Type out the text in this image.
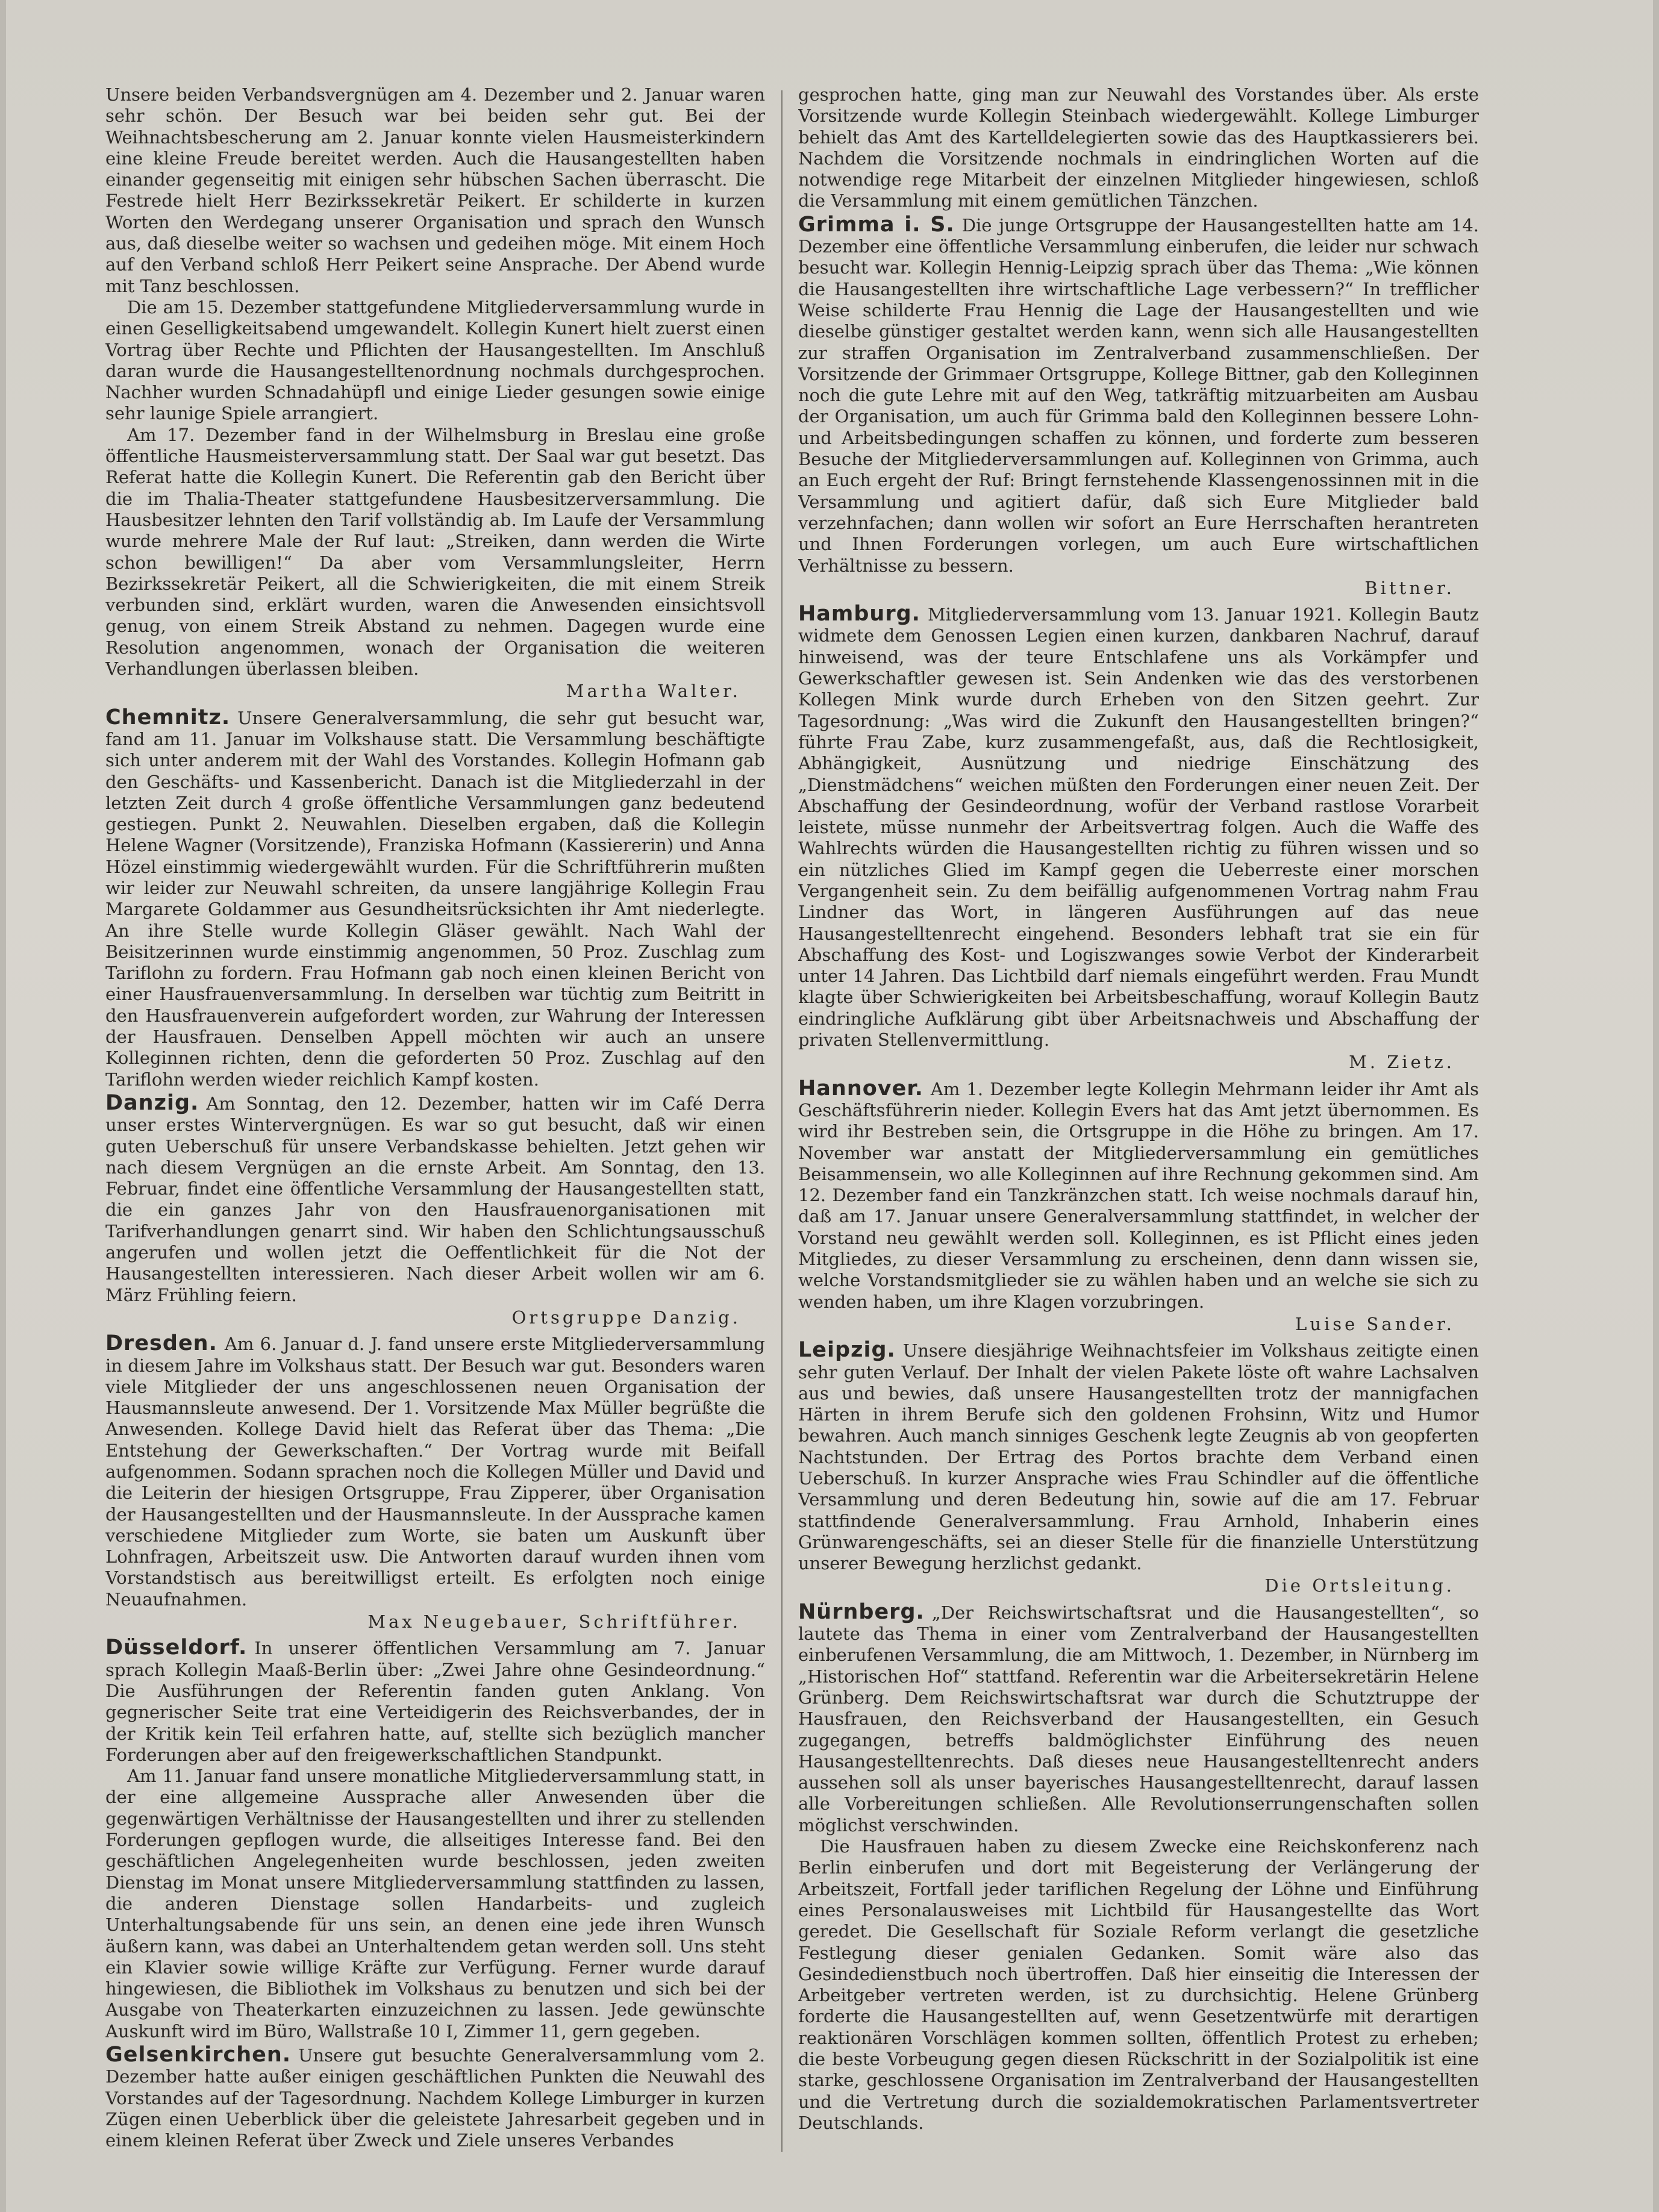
Unsere beiden Verbandsvergnügen am 4. Dezember und 2. Januar waren sehr schön. Der Besuch war bei beiden sehr gut. Bei der Weihnachtsbescherung am 2. Januar konnte vielen Hausmeisterkindern eine kleine Freude bereitet werden. Auch die Hausangestellten haben einander gegenseitig mit einigen sehr hübschen Sachen überrascht. Die Festrede hielt Herr Bezirkssekretär Peikert. Er schilderte in kurzen Worten den Werdegang unserer Organisation und sprach den Wunsch aus, daß dieselbe weiter so wachsen und gedeihen möge. Mit einem Hoch auf den Verband schloß Herr Peikert seine Ansprache. Der Abend wurde mit Tanz beschlossen.

Die am 15. Dezember stattgefundene Mitgliederversammlung wurde in einen Geselligkeitsabend umgewandelt. Kollegin Kunert hielt zuerst einen Vortrag über Rechte und Pflichten der Hausangestellten. Im Anschluß daran wurde die Hausangestelltenordnung nochmals durchgesprochen. Nachher wurden Schnadahüpfl und einige Lieder gesungen sowie einige sehr launige Spiele arrangiert.

Am 17. Dezember fand in der Wilhelmsburg in Breslau eine große öffentliche Hausmeisterversammlung statt. Der Saal war gut besetzt. Das Referat hatte die Kollegin Kunert. Die Referentin gab den Bericht über die im Thalia-Theater stattgefundene Hausbesitzerversammlung. Die Hausbesitzer lehnten den Tarif vollständig ab. Im Laufe der Versammlung wurde mehrere Male der Ruf laut: „Streiken, dann werden die Wirte schon bewilligen!“ Da aber vom Versammlungsleiter, Herrn Bezirkssekretär Peikert, all die Schwierigkeiten, die mit einem Streik verbunden sind, erklärt wurden, waren die Anwesenden einsichtsvoll genug, von einem Streik Abstand zu nehmen. Dagegen wurde eine Resolution angenommen, wonach der Organisation die weiteren Verhandlungen überlassen bleiben.

Martha Walter.

Chemnitz. Unsere Generalversammlung, die sehr gut besucht war, fand am 11. Januar im Volkshause statt. Die Versammlung beschäftigte sich unter anderem mit der Wahl des Vorstandes. Kollegin Hofmann gab den Geschäfts- und Kassenbericht. Danach ist die Mitgliederzahl in der letzten Zeit durch 4 große öffentliche Versammlungen ganz bedeutend gestiegen. Punkt 2. Neuwahlen. Dieselben ergaben, daß die Kollegin Helene Wagner (Vorsitzende), Franziska Hofmann (Kassiererin) und Anna Hözel einstimmig wiedergewählt wurden. Für die Schriftführerin mußten wir leider zur Neuwahl schreiten, da unsere langjährige Kollegin Frau Margarete Goldammer aus Gesundheitsrücksichten ihr Amt niederlegte. An ihre Stelle wurde Kollegin Gläser gewählt. Nach Wahl der Beisitzerinnen wurde einstimmig angenommen, 50 Proz. Zuschlag zum Tariflohn zu fordern. Frau Hofmann gab noch einen kleinen Bericht von einer Hausfrauenversammlung. In derselben war tüchtig zum Beitritt in den Hausfrauenverein aufgefordert worden, zur Wahrung der Interessen der Hausfrauen. Denselben Appell möchten wir auch an unsere Kolleginnen richten, denn die geforderten 50 Proz. Zuschlag auf den Tariflohn werden wieder reichlich Kampf kosten.

Danzig. Am Sonntag, den 12. Dezember, hatten wir im Café Derra unser erstes Wintervergnügen. Es war so gut besucht, daß wir einen guten Ueberschuß für unsere Verbandskasse behielten. Jetzt gehen wir nach diesem Vergnügen an die ernste Arbeit. Am Sonntag, den 13. Februar, findet eine öffentliche Versammlung der Hausangestellten statt, die ein ganzes Jahr von den Hausfrauenorganisationen mit Tarifverhandlungen genarrt sind. Wir haben den Schlichtungsausschuß angerufen und wollen jetzt die Oeffentlichkeit für die Not der Hausangestellten interessieren. Nach dieser Arbeit wollen wir am 6. März Frühling feiern.

Ortsgruppe Danzig.

Dresden. Am 6. Januar d. J. fand unsere erste Mitgliederversammlung in diesem Jahre im Volkshaus statt. Der Besuch war gut. Besonders waren viele Mitglieder der uns angeschlossenen neuen Organisation der Hausmannsleute anwesend. Der 1. Vorsitzende Max Müller begrüßte die Anwesenden. Kollege David hielt das Referat über das Thema: „Die Entstehung der Gewerkschaften.“ Der Vortrag wurde mit Beifall aufgenommen. Sodann sprachen noch die Kollegen Müller und David und die Leiterin der hiesigen Ortsgruppe, Frau Zipperer, über Organisation der Hausangestellten und der Hausmannsleute. In der Aussprache kamen verschiedene Mitglieder zum Worte, sie baten um Auskunft über Lohnfragen, Arbeitszeit usw. Die Antworten darauf wurden ihnen vom Vorstandstisch aus bereitwilligst erteilt. Es erfolgten noch einige Neuaufnahmen.

Max Neugebauer, Schriftführer.

Düsseldorf. In unserer öffentlichen Versammlung am 7. Januar sprach Kollegin Maaß-Berlin über: „Zwei Jahre ohne Gesindeordnung.“ Die Ausführungen der Referentin fanden guten Anklang. Von gegnerischer Seite trat eine Verteidigerin des Reichsverbandes, der in der Kritik kein Teil erfahren hatte, auf, stellte sich bezüglich mancher Forderungen aber auf den freigewerkschaftlichen Standpunkt.

Am 11. Januar fand unsere monatliche Mitgliederversammlung statt, in der eine allgemeine Aussprache aller Anwesenden über die gegenwärtigen Verhältnisse der Hausangestellten und ihrer zu stellenden Forderungen gepflogen wurde, die allseitiges Interesse fand. Bei den geschäftlichen Angelegenheiten wurde beschlossen, jeden zweiten Dienstag im Monat unsere Mitgliederversammlung stattfinden zu lassen, die anderen Dienstage sollen Handarbeits- und zugleich Unterhaltungsabende für uns sein, an denen eine jede ihren Wunsch äußern kann, was dabei an Unterhaltendem getan werden soll. Uns steht ein Klavier sowie willige Kräfte zur Verfügung. Ferner wurde darauf hingewiesen, die Bibliothek im Volkshaus zu benutzen und sich bei der Ausgabe von Theaterkarten einzuzeichnen zu lassen. Jede gewünschte Auskunft wird im Büro, Wallstraße 10 I, Zimmer 11, gern gegeben.

Gelsenkirchen. Unsere gut besuchte Generalversammlung vom 2. Dezember hatte außer einigen geschäftlichen Punkten die Neuwahl des Vorstandes auf der Tagesordnung. Nachdem Kollege Limburger in kurzen Zügen einen Ueberblick über die geleistete Jahresarbeit gegeben und in einem kleinen Referat über Zweck und Ziele unseres Verbandes

gesprochen hatte, ging man zur Neuwahl des Vorstandes über. Als erste Vorsitzende wurde Kollegin Steinbach wiedergewählt. Kollege Limburger behielt das Amt des Kartelldelegierten sowie das des Hauptkassierers bei. Nachdem die Vorsitzende nochmals in eindringlichen Worten auf die notwendige rege Mitarbeit der einzelnen Mitglieder hingewiesen, schloß die Versammlung mit einem gemütlichen Tänzchen.

Grimma i. S. Die junge Ortsgruppe der Hausangestellten hatte am 14. Dezember eine öffentliche Versammlung einberufen, die leider nur schwach besucht war. Kollegin Hennig-Leipzig sprach über das Thema: „Wie können die Hausangestellten ihre wirtschaftliche Lage verbessern?“ In trefflicher Weise schilderte Frau Hennig die Lage der Hausangestellten und wie dieselbe günstiger gestaltet werden kann, wenn sich alle Hausangestellten zur straffen Organisation im Zentralverband zusammenschließen. Der Vorsitzende der Grimmaer Ortsgruppe, Kollege Bittner, gab den Kolleginnen noch die gute Lehre mit auf den Weg, tatkräftig mitzuarbeiten am Ausbau der Organisation, um auch für Grimma bald den Kolleginnen bessere Lohn- und Arbeitsbedingungen schaffen zu können, und forderte zum besseren Besuche der Mitgliederversammlungen auf. Kolleginnen von Grimma, auch an Euch ergeht der Ruf: Bringt fernstehende Klassengenossinnen mit in die Versammlung und agitiert dafür, daß sich Eure Mitglieder bald verzehnfachen; dann wollen wir sofort an Eure Herrschaften herantreten und Ihnen Forderungen vorlegen, um auch Eure wirtschaftlichen Verhältnisse zu bessern.

Bittner.

Hamburg. Mitgliederversammlung vom 13. Januar 1921. Kollegin Bautz widmete dem Genossen Legien einen kurzen, dankbaren Nachruf, darauf hinweisend, was der teure Entschlafene uns als Vorkämpfer und Gewerkschaftler gewesen ist. Sein Andenken wie das des verstorbenen Kollegen Mink wurde durch Erheben von den Sitzen geehrt. Zur Tagesordnung: „Was wird die Zukunft den Hausangestellten bringen?“ führte Frau Zabe, kurz zusammengefaßt, aus, daß die Rechtlosigkeit, Abhängigkeit, Ausnützung und niedrige Einschätzung des „Dienstmädchens“ weichen müßten den Forderungen einer neuen Zeit. Der Abschaffung der Gesindeordnung, wofür der Verband rastlose Vorarbeit leistete, müsse nunmehr der Arbeitsvertrag folgen. Auch die Waffe des Wahlrechts würden die Hausangestellten richtig zu führen wissen und so ein nützliches Glied im Kampf gegen die Ueberreste einer morschen Vergangenheit sein. Zu dem beifällig aufgenommenen Vortrag nahm Frau Lindner das Wort, in längeren Ausführungen auf das neue Hausangestelltenrecht eingehend. Besonders lebhaft trat sie ein für Abschaffung des Kost- und Logiszwanges sowie Verbot der Kinderarbeit unter 14 Jahren. Das Lichtbild darf niemals eingeführt werden. Frau Mundt klagte über Schwierigkeiten bei Arbeitsbeschaffung, worauf Kollegin Bautz eindringliche Aufklärung gibt über Arbeitsnachweis und Abschaffung der privaten Stellenvermittlung.

M. Zietz.

Hannover. Am 1. Dezember legte Kollegin Mehrmann leider ihr Amt als Geschäftsführerin nieder. Kollegin Evers hat das Amt jetzt übernommen. Es wird ihr Bestreben sein, die Ortsgruppe in die Höhe zu bringen. Am 17. November war anstatt der Mitgliederversammlung ein gemütliches Beisammensein, wo alle Kolleginnen auf ihre Rechnung gekommen sind. Am 12. Dezember fand ein Tanzkränzchen statt. Ich weise nochmals darauf hin, daß am 17. Januar unsere Generalversammlung stattfindet, in welcher der Vorstand neu gewählt werden soll. Kolleginnen, es ist Pflicht eines jeden Mitgliedes, zu dieser Versammlung zu erscheinen, denn dann wissen sie, welche Vorstandsmitglieder sie zu wählen haben und an welche sie sich zu wenden haben, um ihre Klagen vorzubringen.

Luise Sander.

Leipzig. Unsere diesjährige Weihnachtsfeier im Volkshaus zeitigte einen sehr guten Verlauf. Der Inhalt der vielen Pakete löste oft wahre Lachsalven aus und bewies, daß unsere Hausangestellten trotz der mannigfachen Härten in ihrem Berufe sich den goldenen Frohsinn, Witz und Humor bewahren. Auch manch sinniges Geschenk legte Zeugnis ab von geopferten Nachtstunden. Der Ertrag des Portos brachte dem Verband einen Ueberschuß. In kurzer Ansprache wies Frau Schindler auf die öffentliche Versammlung und deren Bedeutung hin, sowie auf die am 17. Februar stattfindende Generalversammlung. Frau Arnhold, Inhaberin eines Grünwarengeschäfts, sei an dieser Stelle für die finanzielle Unterstützung unserer Bewegung herzlichst gedankt.

Die Ortsleitung.

Nürnberg. „Der Reichswirtschaftsrat und die Hausangestellten“, so lautete das Thema in einer vom Zentralverband der Hausangestellten einberufenen Versammlung, die am Mittwoch, 1. Dezember, in Nürnberg im „Historischen Hof“ stattfand. Referentin war die Arbeitersekretärin Helene Grünberg. Dem Reichswirtschaftsrat war durch die Schutztruppe der Hausfrauen, den Reichsverband der Hausangestellten, ein Gesuch zugegangen, betreffs baldmöglichster Einführung des neuen Hausangestelltenrechts. Daß dieses neue Hausangestelltenrecht anders aussehen soll als unser bayerisches Hausangestelltenrecht, darauf lassen alle Vorbereitungen schließen. Alle Revolutionserrungenschaften sollen möglichst verschwinden.

Die Hausfrauen haben zu diesem Zwecke eine Reichskonferenz nach Berlin einberufen und dort mit Begeisterung der Verlängerung der Arbeitszeit, Fortfall jeder tariflichen Regelung der Löhne und Einführung eines Personalausweises mit Lichtbild für Hausangestellte das Wort geredet. Die Gesellschaft für Soziale Reform verlangt die gesetzliche Festlegung dieser genialen Gedanken. Somit wäre also das Gesindedienstbuch noch übertroffen. Daß hier einseitig die Interessen der Arbeitgeber vertreten werden, ist zu durchsichtig. Helene Grünberg forderte die Hausangestellten auf, wenn Gesetzentwürfe mit derartigen reaktionären Vorschlägen kommen sollten, öffentlich Protest zu erheben; die beste Vorbeugung gegen diesen Rückschritt in der Sozialpolitik ist eine starke, geschlossene Organisation im Zentralverband der Hausangestellten und die Vertretung durch die sozialdemokratischen Parlamentsvertreter Deutschlands.
